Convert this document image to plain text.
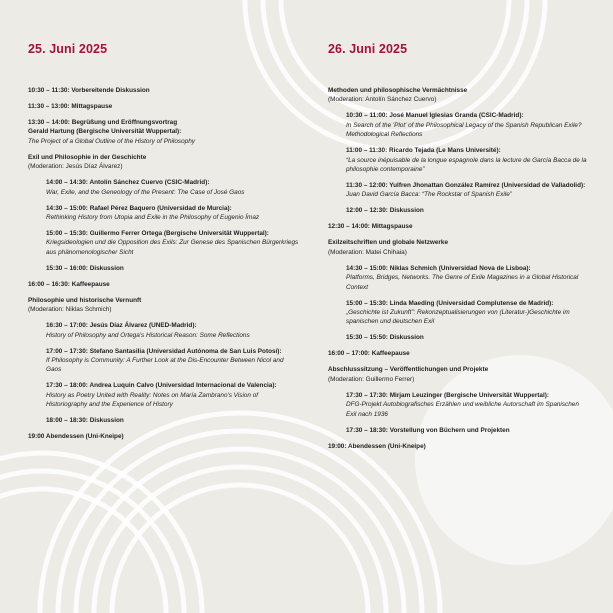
25. Juni 2025
10:30 – 11:30: Vorbereitende Diskussion
11:30 – 13:00: Mittagspause
13:30 – 14:00: Begrüßung und Eröffnungsvortrag
Gerald Hartung (Bergische Universität Wuppertal):
The Project of a Global Outline of the History of Philosophy
Exil und Philosophie in der Geschichte
(Moderation: Jesús Díaz Álvarez)
14:00 – 14:30: Antolín Sánchez Cuervo (CSIC-Madrid):
War, Exile, and the Geneology of the Present: The Case of José Gaos
14:30 – 15:00: Rafael Pérez Baquero (Universidad de Murcia):
Rethinking History from Utopia and Exile in the Philosophy of Eugenio Ímaz
15:00 – 15:30: Guillermo Ferrer Ortega (Bergische Universität Wuppertal):
Kriegsideologien und die Opposition des Exils: Zur Genese des Spanischen Bürgerkriegs aus phänomenologischer Sicht
15:30 – 16:00: Diskussion
16:00 – 16:30: Kaffeepause
Philosophie und historische Vernunft
(Moderation: Niklas Schmich)
16:30 – 17:00: Jesús Díaz Álvarez (UNED-Madrid):
History of Philosophy and Ortega's Historical Reason: Some Reflections
17:00 – 17:30: Stefano Santasilia (Universidad Autónoma de San Luis Potosí):
If Philosophy is Community: A Further Look at the Dis-Encounter Between Nicol and Gaos
17:30 – 18:00: Andrea Luquin Calvo (Universidad Internacional de Valencia):
History as Poetry United with Reality: Notes on María Zambrano's Vision of Historiography and the Experience of History
18:00 – 18:30: Diskussion
19:00 Abendessen (Uni-Kneipe)
26. Juni 2025
Methoden und philosophische Vermächtnisse
(Moderation: Antolín Sánchez Cuervo)
10:30 – 11:00: José Manuel Iglesias Granda (CSIC-Madrid):
In Search of the 'Plot' of the Philosophical Legacy of the Spanish Republican Exile? Methodological Reflections
11:00 – 11:30: Ricardo Tejada (Le Mans Université):
“La source inépuisable de la longue espagnole dans la lecture de García Bacca de la philosophie contemporaine”
11:30 – 12:00: Yulfren Jhonattan González Ramírez (Universidad de Valladolid):
Juan David García Bacca: “The Rockstar of Spanish Exile”
12:00 – 12:30: Diskussion
12:30 – 14:00: Mittagspause
Exilzeitschriften und globale Netzwerke
(Moderation: Matei Chihaia)
14:30 – 15:00: Niklas Schmich (Universidad Nova de Lisboa):
Platforms, Bridges, Networks. The Genre of Exile Magazines in a Global Historical Context
15:00 – 15:30: Linda Maeding (Universidad Complutense de Madrid):
„Geschichte ist Zukunft”: Rekonzeptualisierungen von (Literatur-)Geschichte im spanischen und deutschen Exil
15:30 – 15:50: Diskussion
16:00 – 17:00: Kaffeepause
Abschlusssitzung – Veröffentlichungen und Projekte
(Moderation: Guillermo Ferrer)
17:30 – 17:30: Mirjam Leuzinger (Bergische Universität Wuppertal):
DFG-Projekt Autobiografisches Erzählen und weibliche Autorschaft im Spanischen Exil nach 1936
17:30 – 18:30: Vorstellung von Büchern und Projekten
19:00: Abendessen (Uni-Kneipe)
